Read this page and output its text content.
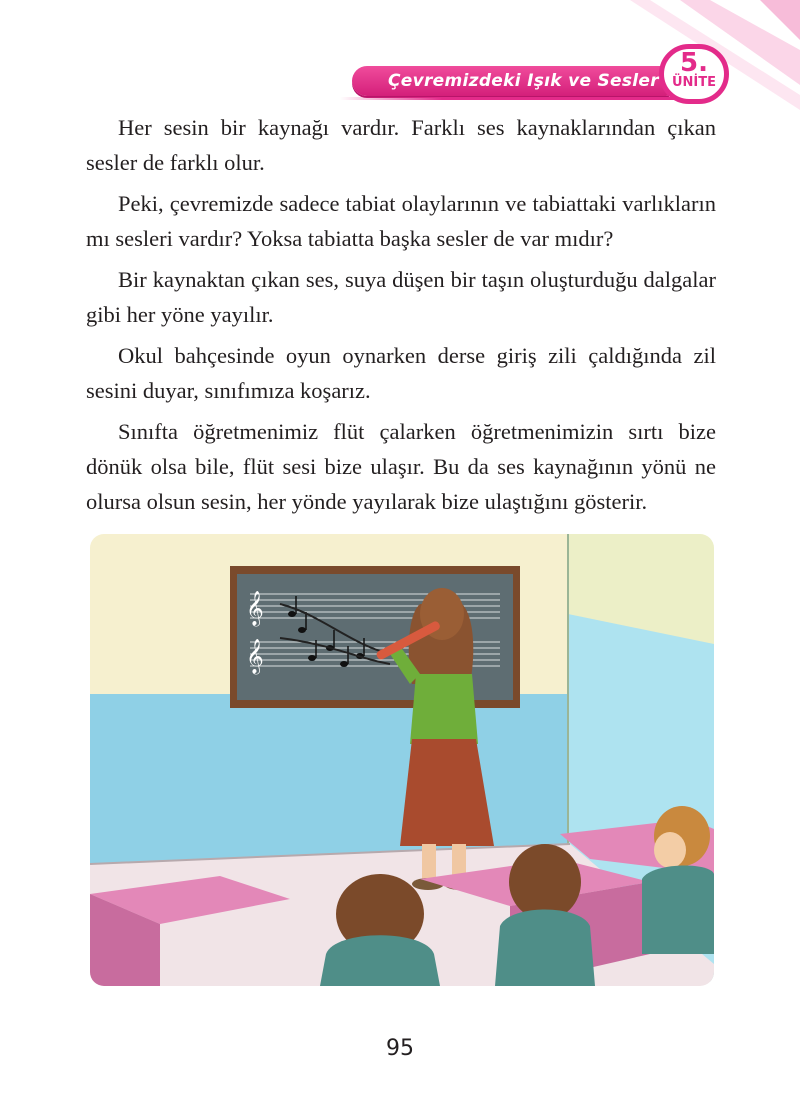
Çevremizdeki Işık ve Sesler
5.
ÜNİTE

Her sesin bir kaynağı vardır. Farklı ses kaynaklarından çıkan sesler de farklı olur.

Peki, çevremizde sadece tabiat olaylarının ve tabiattaki varlıkların mı sesleri vardır? Yoksa tabiatta başka sesler de var mıdır?

Bir kaynaktan çıkan ses, suya düşen bir taşın oluşturduğu dalgalar gibi her yöne yayılır.

Okul bahçesinde oyun oynarken derse giriş zili çaldığında zil sesini duyar, sınıfımıza koşarız.

Sınıfta öğretmenimiz flüt çalarken öğretmenimizin sırtı bize dönük olsa bile, flüt sesi bize ulaşır. Bu da ses kaynağının yönü ne olursa olsun sesin, her yönde yayılarak bize ulaştığını gösterir.

𝄞
𝄞
95
